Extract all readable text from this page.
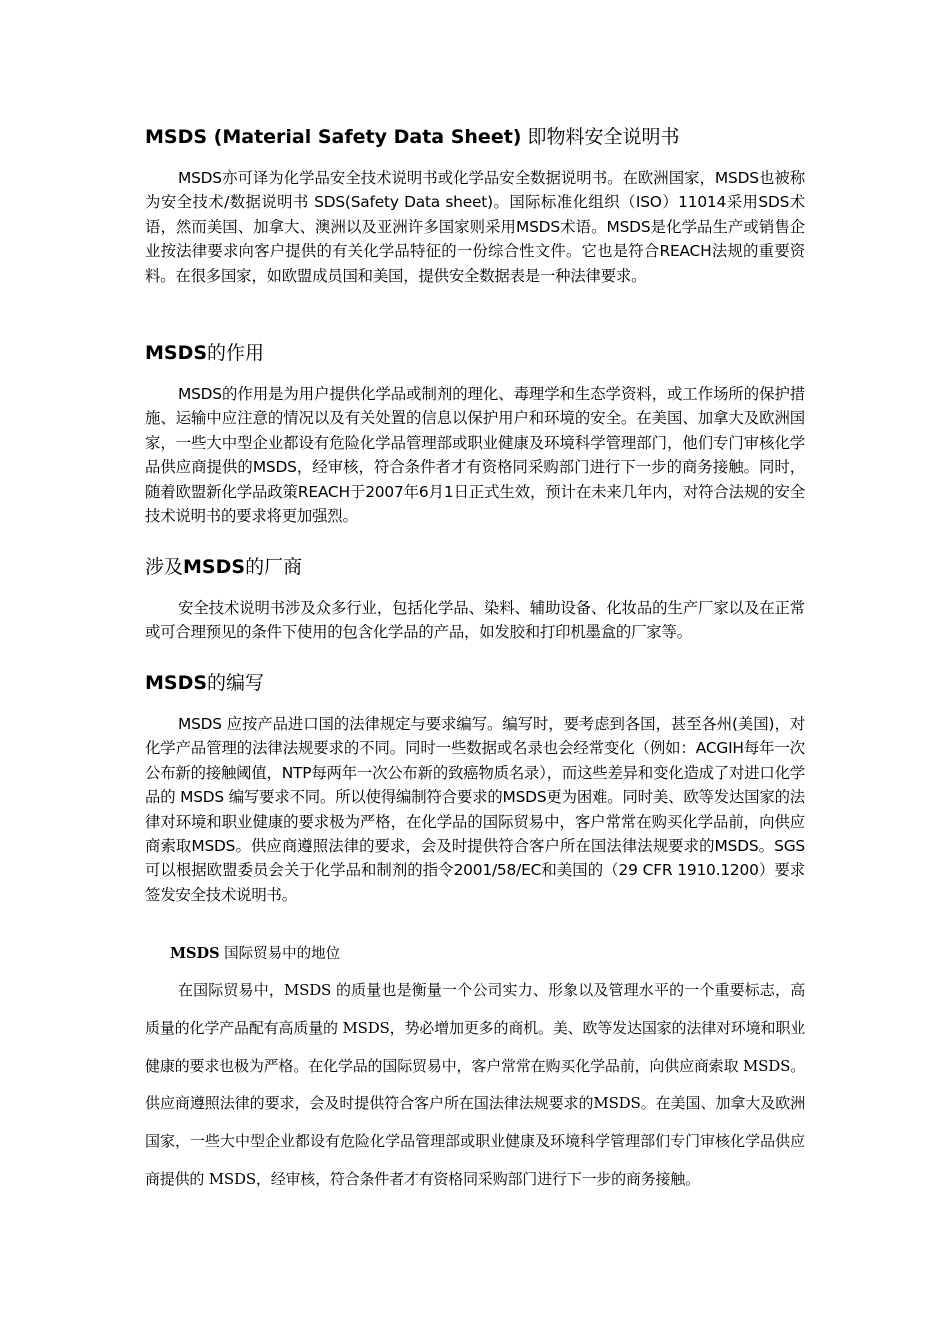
MSDS (Material Safety Data Sheet) 即物料安全说明书

MSDS亦可译为化学品安全技术说明书或化学品安全数据说明书。在欧洲国家，MSDS也被称为安全技术/数据说明书 SDS(Safety Data sheet)。国际标准化组织（ISO）11014采用SDS术语，然而美国、加拿大、澳洲以及亚洲许多国家则采用MSDS术语。MSDS是化学品生产或销售企业按法律要求向客户提供的有关化学品特征的一份综合性文件。它也是符合REACH法规的重要资料。在很多国家，如欧盟成员国和美国，提供安全数据表是一种法律要求。

MSDS的作用

MSDS的作用是为用户提供化学品或制剂的理化、毒理学和生态学资料，或工作场所的保护措施、运输中应注意的情况以及有关处置的信息以保护用户和环境的安全。在美国、加拿大及欧洲国家，一些大中型企业都设有危险化学品管理部或职业健康及环境科学管理部门，他们专门审核化学品供应商提供的MSDS，经审核，符合条件者才有资格同采购部门进行下一步的商务接触。同时，随着欧盟新化学品政策REACH于2007年6月1日正式生效，预计在未来几年内，对符合法规的安全技术说明书的要求将更加强烈。

涉及MSDS的厂商

安全技术说明书涉及众多行业，包括化学品、染料、辅助设备、化妆品的生产厂家以及在正常或可合理预见的条件下使用的包含化学品的产品，如发胶和打印机墨盒的厂家等。

MSDS的编写

MSDS 应按产品进口国的法律规定与要求编写。编写时，要考虑到各国，甚至各州(美国)，对化学产品管理的法律法规要求的不同。同时一些数据或名录也会经常变化（例如：ACGIH每年一次公布新的接触阈值，NTP每两年一次公布新的致癌物质名录），而这些差异和变化造成了对进口化学品的 MSDS 编写要求不同。所以使得编制符合要求的MSDS更为困难。同时美、欧等发达国家的法律对环境和职业健康的要求极为严格，在化学品的国际贸易中，客户常常在购买化学品前，向供应商索取MSDS。供应商遵照法律的要求，会及时提供符合客户所在国法律法规要求的MSDS。SGS可以根据欧盟委员会关于化学品和制剂的指令2001/58/EC和美国的（29 CFR 1910.1200）要求签发安全技术说明书。

MSDS 国际贸易中的地位

在国际贸易中，MSDS 的质量也是衡量一个公司实力、形象以及管理水平的一个重要标志，高质量的化学产品配有高质量的 MSDS，势必增加更多的商机。美、欧等发达国家的法律对环境和职业健康的要求也极为严格。在化学品的国际贸易中，客户常常在购买化学品前，向供应商索取 MSDS。供应商遵照法律的要求，会及时提供符合客户所在国法律法规要求的MSDS。在美国、加拿大及欧洲国家，一些大中型企业都设有危险化学品管理部或职业健康及环境科学管理部们专门审核化学品供应商提供的 MSDS，经审核，符合条件者才有资格同采购部门进行下一步的商务接触。
